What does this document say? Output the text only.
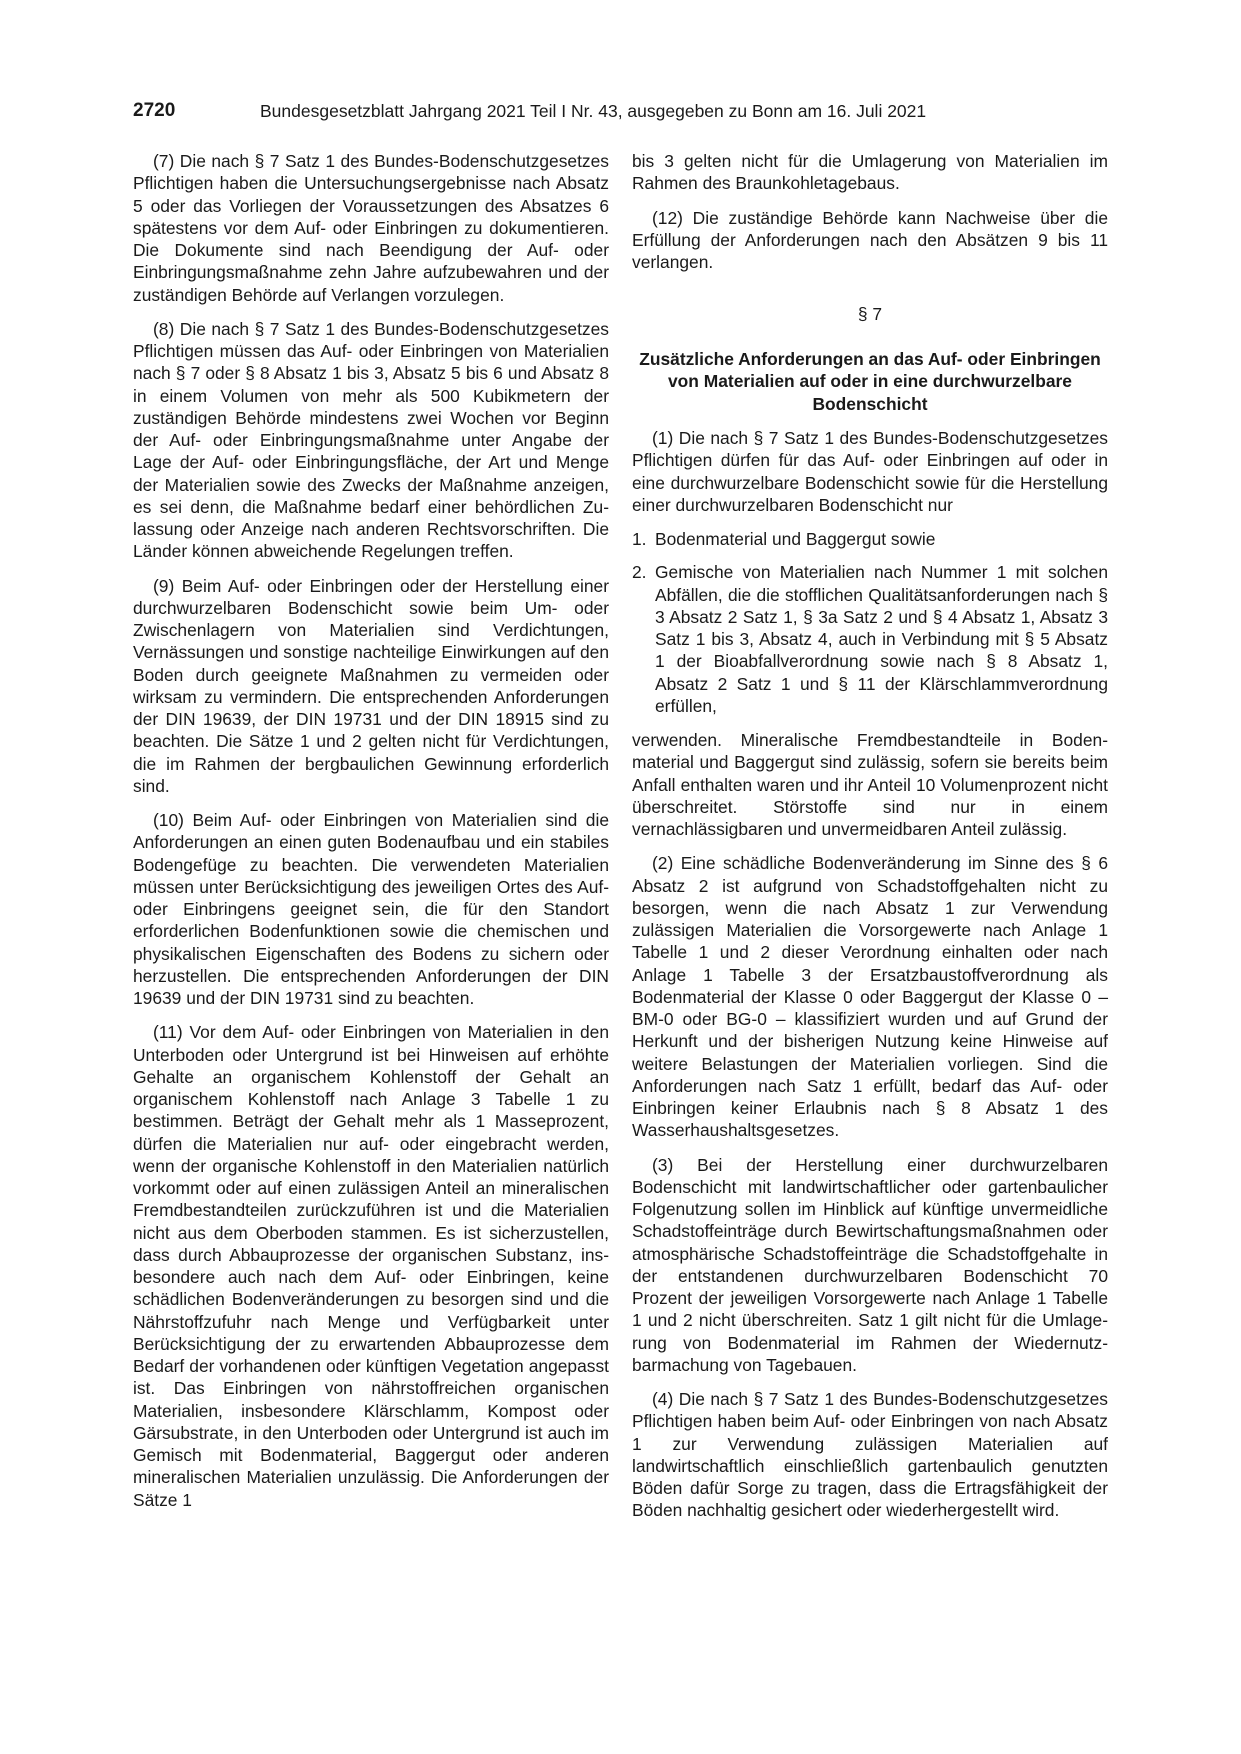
2720	Bundesgesetzblatt Jahrgang 2021 Teil I Nr. 43, ausgegeben zu Bonn am 16. Juli 2021

(7) Die nach § 7 Satz 1 des Bundes-Bodenschutzgesetzes Pflichtigen haben die Untersuchungsergebnisse nach Absatz 5 oder das Vorliegen der Voraussetzungen des Absatzes 6 spätestens vor dem Auf- oder Einbringen zu dokumentieren. Die Dokumente sind nach Beendigung der Auf- oder Einbringungsmaßnahme zehn Jahre aufzubewahren und der zuständigen Behörde auf Verlangen vorzulegen.

(8) Die nach § 7 Satz 1 des Bundes-Bodenschutzgesetzes Pflichtigen müssen das Auf- oder Einbringen von Materialien nach § 7 oder § 8 Absatz 1 bis 3, Absatz 5 bis 6 und Absatz 8 in einem Volumen von mehr als 500 Kubikmetern der zuständigen Behörde mindestens zwei Wochen vor Beginn der Auf- oder Einbringungsmaßnahme unter Angabe der Lage der Auf- oder Einbringungsfläche, der Art und Menge der Materialien sowie des Zwecks der Maßnahme anzeigen, es sei denn, die Maßnahme bedarf einer behördlichen Zulassung oder Anzeige nach anderen Rechtsvorschriften. Die Länder können abweichende Regelungen treffen.

(9) Beim Auf- oder Einbringen oder der Herstellung einer durchwurzelbaren Bodenschicht sowie beim Um- oder Zwischenlagern von Materialien sind Verdichtungen, Vernässungen und sonstige nachteilige Einwirkungen auf den Boden durch geeignete Maßnahmen zu vermeiden oder wirksam zu vermindern. Die entsprechenden Anforderungen der DIN 19639, der DIN 19731 und der DIN 18915 sind zu beachten. Die Sätze 1 und 2 gelten nicht für Verdichtungen, die im Rahmen der bergbaulichen Gewinnung erforderlich sind.

(10) Beim Auf- oder Einbringen von Materialien sind die Anforderungen an einen guten Bodenaufbau und ein stabiles Bodengefüge zu beachten. Die verwendeten Materialien müssen unter Berücksichtigung des jeweiligen Ortes des Auf- oder Einbringens geeignet sein, die für den Standort erforderlichen Bodenfunktionen sowie die chemischen und physikalischen Eigenschaften des Bodens zu sichern oder herzustellen. Die entsprechenden Anforderungen der DIN 19639 und der DIN 19731 sind zu beachten.

(11) Vor dem Auf- oder Einbringen von Materialien in den Unterboden oder Untergrund ist bei Hinweisen auf erhöhte Gehalte an organischem Kohlenstoff der Gehalt an organischem Kohlenstoff nach Anlage 3 Tabelle 1 zu bestimmen. Beträgt der Gehalt mehr als 1 Masseprozent, dürfen die Materialien nur auf- oder eingebracht werden, wenn der organische Kohlenstoff in den Materialien natürlich vorkommt oder auf einen zulässigen Anteil an mineralischen Fremdbestandteilen zurückzuführen ist und die Materialien nicht aus dem Oberboden stammen. Es ist sicherzustellen, dass durch Abbauprozesse der organischen Substanz, insbesondere auch nach dem Auf- oder Einbringen, keine schädlichen Bodenveränderungen zu besorgen sind und die Nährstoffzufuhr nach Menge und Verfügbarkeit unter Berücksichtigung der zu erwartenden Abbauprozesse dem Bedarf der vorhandenen oder künftigen Vegetation angepasst ist. Das Einbringen von nährstoffreichen organischen Materialien, insbesondere Klärschlamm, Kompost oder Gärsubstrate, in den Unterboden oder Untergrund ist auch im Gemisch mit Bodenmaterial, Baggergut oder anderen mineralischen Materialien unzulässig. Die Anforderungen der Sätze 1

bis 3 gelten nicht für die Umlagerung von Materialien im Rahmen des Braunkohletagebaus.

(12) Die zuständige Behörde kann Nachweise über die Erfüllung der Anforderungen nach den Absätzen 9 bis 11 verlangen.

§ 7
Zusätzliche Anforderungen an das Auf- oder Einbringen von Materialien auf oder in eine durchwurzelbare Bodenschicht

(1) Die nach § 7 Satz 1 des Bundes-Bodenschutzgesetzes Pflichtigen dürfen für das Auf- oder Einbringen auf oder in eine durchwurzelbare Bodenschicht sowie für die Herstellung einer durchwurzelbaren Bodenschicht nur

1. Bodenmaterial und Baggergut sowie
2. Gemische von Materialien nach Nummer 1 mit solchen Abfällen, die die stofflichen Qualitätsanforderungen nach § 3 Absatz 2 Satz 1, § 3a Satz 2 und § 4 Absatz 1, Absatz 3 Satz 1 bis 3, Absatz 4, auch in Verbindung mit § 5 Absatz 1 der Bioabfallverordnung sowie nach § 8 Absatz 1, Absatz 2 Satz 1 und § 11 der Klärschlammverordnung erfüllen,

verwenden. Mineralische Fremdbestandteile in Bodenmaterial und Baggergut sind zulässig, sofern sie bereits beim Anfall enthalten waren und ihr Anteil 10 Volumenprozent nicht überschreitet. Störstoffe sind nur in einem vernachlässigbaren und unvermeidbaren Anteil zulässig.

(2) Eine schädliche Bodenveränderung im Sinne des § 6 Absatz 2 ist aufgrund von Schadstoffgehalten nicht zu besorgen, wenn die nach Absatz 1 zur Verwendung zulässigen Materialien die Vorsorgewerte nach Anlage 1 Tabelle 1 und 2 dieser Verordnung einhalten oder nach Anlage 1 Tabelle 3 der Ersatzbaustoffverordnung als Bodenmaterial der Klasse 0 oder Baggergut der Klasse 0 – BM-0 oder BG-0 – klassifiziert wurden und auf Grund der Herkunft und der bisherigen Nutzung keine Hinweise auf weitere Belastungen der Materialien vorliegen. Sind die Anforderungen nach Satz 1 erfüllt, bedarf das Auf- oder Einbringen keiner Erlaubnis nach § 8 Absatz 1 des Wasserhaushaltsgesetzes.

(3) Bei der Herstellung einer durchwurzelbaren Bodenschicht mit landwirtschaftlicher oder gartenbaulicher Folgenutzung sollen im Hinblick auf künftige unvermeidliche Schadstoffeinträge durch Bewirtschaftungsmaßnahmen oder atmosphärische Schadstoffeinträge die Schadstoffgehalte in der entstandenen durchwurzelbaren Bodenschicht 70 Prozent der jeweiligen Vorsorgewerte nach Anlage 1 Tabelle 1 und 2 nicht überschreiten. Satz 1 gilt nicht für die Umlagerung von Bodenmaterial im Rahmen der Wiedernutzbarmachung von Tagebauen.

(4) Die nach § 7 Satz 1 des Bundes-Bodenschutzgesetzes Pflichtigen haben beim Auf- oder Einbringen von nach Absatz 1 zur Verwendung zulässigen Materialien auf landwirtschaftlich einschließlich gartenbaulich genutzten Böden dafür Sorge zu tragen, dass die Ertragsfähigkeit der Böden nachhaltig gesichert oder wiederhergestellt wird.
